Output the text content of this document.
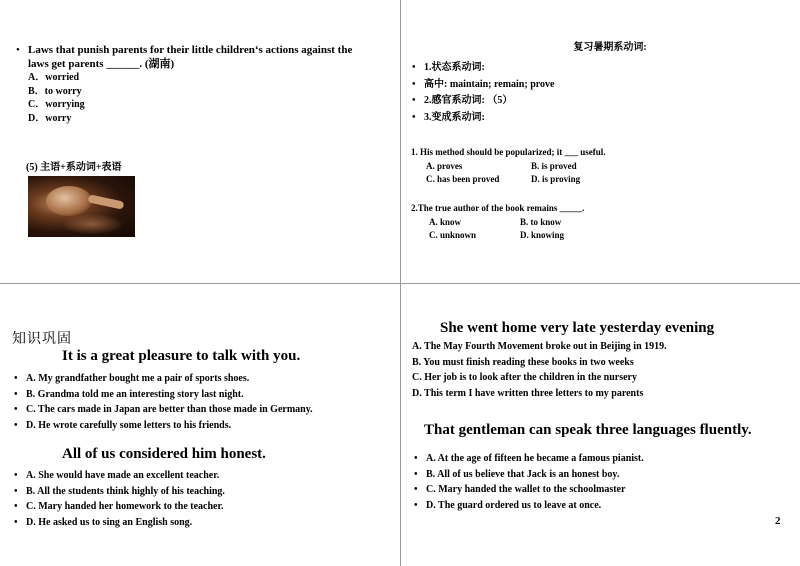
• Laws that punish parents for their little children‘s actions against the laws get parents ______. (湖南)
A．worried
B．to worry
C．worrying
D．worry
(5) 主语+系动词+表语
复习暑期系动词:
• 1.状态系动词:
• 高中: maintain; remain; prove
• 2.感官系动词: （5）
• 3.变成系动词:
1. His method should be popularized; it ___ useful.
A. proves	B. is proved
C. has been proved	D. is proving
2.The true author of the book remains _____.
A. know	B. to know
C. unknown	D. knowing
知识巩固
It is a great pleasure to talk with you.
• A. My grandfather bought me a pair of sports shoes.
• B. Grandma told me an interesting story last night.
• C. The cars made in Japan are better than those made in Germany.
• D. He wrote carefully some letters to his friends.
All of us considered him honest.
• A. She would have made an excellent teacher.
• B. All the students think highly of his teaching.
• C. Mary handed her homework to the teacher.
• D. He asked us to sing an English song.
She went home very late yesterday evening
A. The May Fourth Movement broke out in Beijing in 1919.
B. You must finish reading these books in two weeks
C. Her job is to look after the children in the nursery
D. This term I have written three letters to my parents
That gentleman can speak three languages fluently.
• A. At the age of fifteen he became a famous pianist.
• B. All of us believe that Jack is an honest boy.
• C. Mary handed the wallet to the schoolmaster
• D. The guard ordered us to leave at once.
2
